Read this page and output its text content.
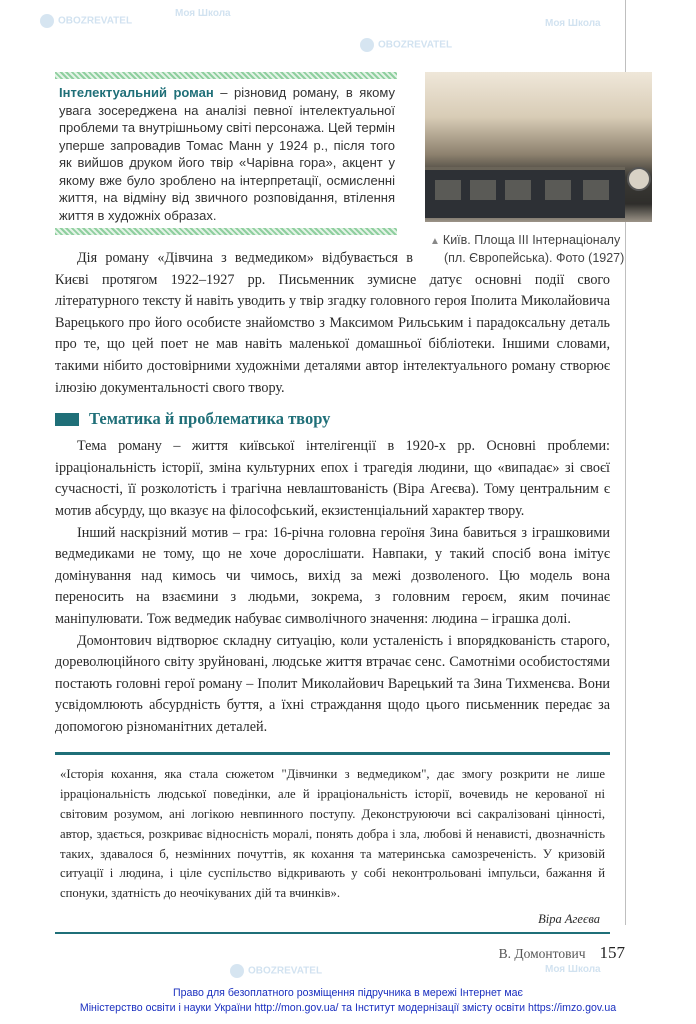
OBOZREVATEL
Моя Школа
OBOZREVATEL
Моя Школа
OBOZREVATEL	Моя Школа
▲ Київ. Площа ІІІ Інтернаціоналу
(пл. Європейська). Фото (1927)
Інтелектуальний роман – різновид роману, в якому увага зосереджена на аналізі певної інтелектуальної проблеми та внутрішньому світі персонажа. Цей термін уперше запровадив Томас Манн у 1924 р., після того як вийшов друком його твір «Чарівна гора», акцент у якому вже було зроблено на інтерпретації, осмисленні життя, на відміну від звичного розповідання, втілення життя в художніх образах.

Дія роману «Дівчина з ведмедиком» відбувається в Києві протягом 1922–1927 рр. Письменник зумисне датує основні події свого літературного тексту й навіть уводить у твір згадку головного героя Іполита Миколайовича Варецького про його особисте знайомство з Максимом Рильським і парадоксальну деталь про те, що цей поет не мав навіть маленької домашньої бібліотеки. Іншими словами, такими нібито достовірними художніми деталями автор інтелектуального роману створює ілюзію документальності свого твору.

Тематика й проблематика твору

Тема роману – життя київської інтелігенції в 1920-х рр. Основні проблеми: ірраціональність історії, зміна культурних епох і трагедія людини, що «випадає» зі своєї сучасності, її розколотість і трагічна невлаштованість (Віра Агеєва). Тому центральним є мотив абсурду, що вказує на філософський, екзистенціальний характер твору.

Інший наскрізний мотив – гра: 16-річна головна героїня Зина бавиться з іграшковими ведмедиками не тому, що не хоче дорослішати. Навпаки, у такий спосіб вона імітує домінування над кимось чи чимось, вихід за межі дозволеного. Цю модель вона переносить на взаємини з людьми, зокрема, з головним героєм, яким починає маніпулювати. Тож ведмедик набуває символічного значення: людина – іграшка долі.

Домонтович відтворює складну ситуацію, коли усталеність і впорядкованість старого, дореволюційного світу зруйновані, людське життя втрачає сенс. Самотніми особистостями постають головні герої роману – Іполит Миколайович Варецький та Зина Тихменєва. Вони усвідомлюють абсурдність буття, а їхні страждання щодо цього письменник передає за допомогою різноманітних деталей.

«Історія кохання, яка стала сюжетом "Дівчинки з ведмедиком", дає змогу розкрити не лише ірраціональність людської поведінки, але й ірраціональність історії, вочевидь не керованої ні світовим розумом, ані логікою невпинного поступу. Деконструюючи всі сакралізовані цінності, автор, здається, розкриває відносність моралі, понять добра і зла, любові й ненависті, двозначність таких, здавалося б, незмінних почуттів, як кохання та материнська самозреченість. У кризовій ситуації і людина, і ціле суспільство відкривають у собі неконтрольовані імпульси, бажання й спонуки, здатність до неочікуваних дій та вчинків».
Віра Агеєва
В. Домонтович 157
Право для безоплатного розміщення підручника в мережі Інтернет має
Міністерство освіти і науки України http://mon.gov.ua/ та Інститут модернізації змісту освіти https://imzo.gov.ua
